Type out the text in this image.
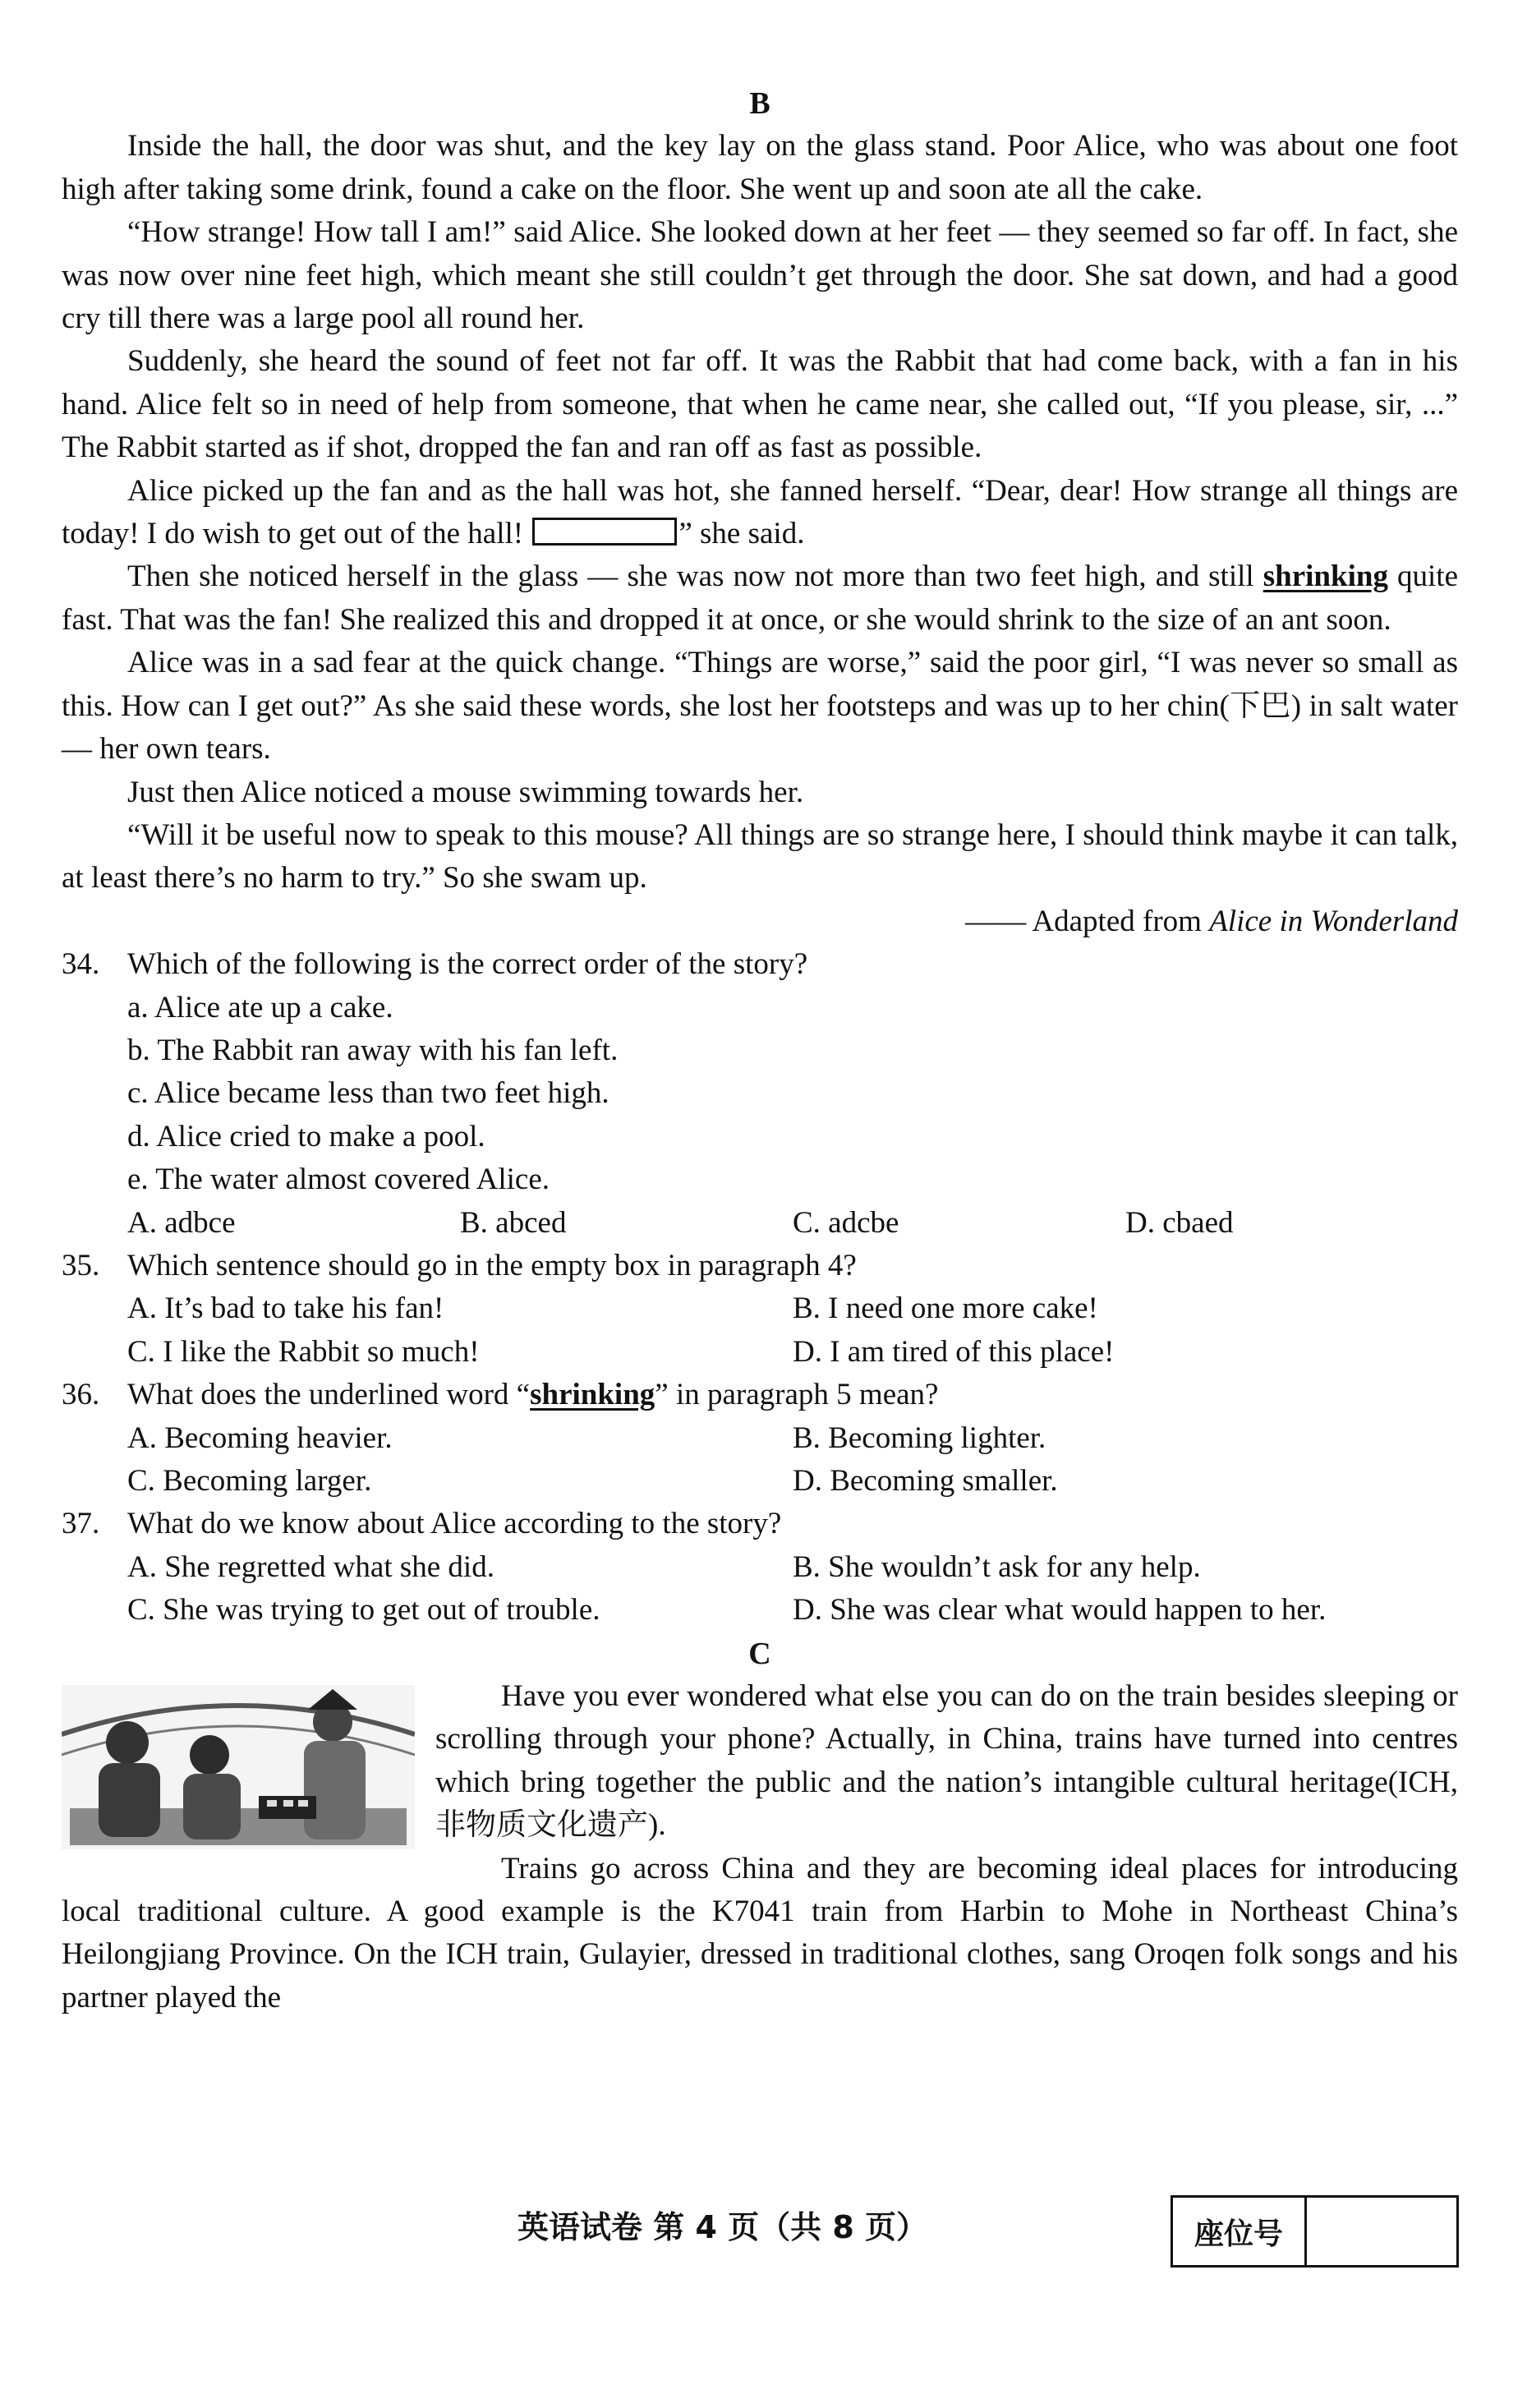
B

Inside the hall, the door was shut, and the key lay on the glass stand. Poor Alice, who was about one foot high after taking some drink, found a cake on the floor. She went up and soon ate all the cake.

“How strange! How tall I am!” said Alice. She looked down at her feet — they seemed so far off. In fact, she was now over nine feet high, which meant she still couldn’t get through the door. She sat down, and had a good cry till there was a large pool all round her.

Suddenly, she heard the sound of feet not far off. It was the Rabbit that had come back, with a fan in his hand. Alice felt so in need of help from someone, that when he came near, she called out, “If you please, sir, ...” The Rabbit started as if shot, dropped the fan and ran off as fast as possible.

Alice picked up the fan and as the hall was hot, she fanned herself. “Dear, dear! How strange all things are today! I do wish to get out of the hall!	” she said.

Then she noticed herself in the glass — she was now not more than two feet high, and still shrinking quite fast. That was the fan! She realized this and dropped it at once, or she would shrink to the size of an ant soon.

Alice was in a sad fear at the quick change. “Things are worse,” said the poor girl, “I was never so small as this. How can I get out?” As she said these words, she lost her footsteps and was up to her chin(下巴) in salt water — her own tears.

Just then Alice noticed a mouse swimming towards her.

“Will it be useful now to speak to this mouse? All things are so strange here, I should think maybe it can talk, at least there’s no harm to try.” So she swam up.

—— Adapted from Alice in Wonderland

34. Which of the following is the correct order of the story?

a. Alice ate up a cake.

b. The Rabbit ran away with his fan left.

c. Alice became less than two feet high.

d. Alice cried to make a pool.

e. The water almost covered Alice.

A. adbce	B. abced	C. adcbe	D. cbaed

35. Which sentence should go in the empty box in paragraph 4?

A. It’s bad to take his fan!	B. I need one more cake!
C. I like the Rabbit so much!	D. I am tired of this place!

36. What does the underlined word “shrinking” in paragraph 5 mean?

A. Becoming heavier.	B. Becoming lighter.
C. Becoming larger.	D. Becoming smaller.

37. What do we know about Alice according to the story?

A. She regretted what she did.	B. She wouldn’t ask for any help.
C. She was trying to get out of trouble.	D. She was clear what would happen to her.

C

Have you ever wondered what else you can do on the train besides sleeping or scrolling through your phone? Actually, in China, trains have turned into centres which bring together the public and the nation’s intangible cultural heritage(ICH, 非物质文化遗产).

Trains go across China and they are becoming ideal places for introducing local traditional culture. A good example is the K7041 train from Harbin to Mohe in Northeast China’s Heilongjiang Province. On the ICH train, Gulayier, dressed in traditional clothes, sang Oroqen folk songs and his partner played the

英语试卷 第 4 页（共 8 页）	座位号
